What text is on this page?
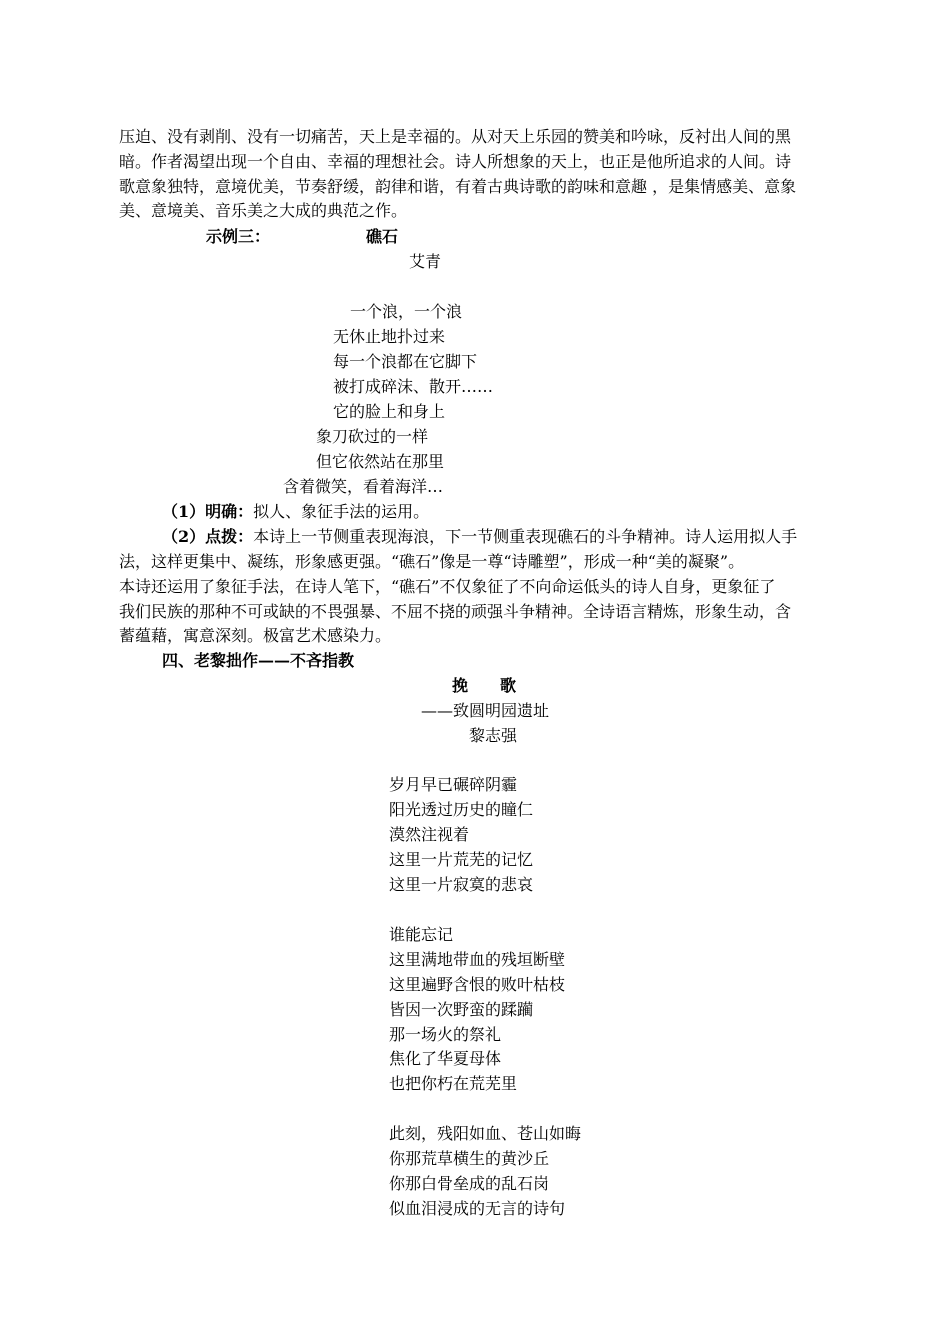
压迫、没有剥削、没有一切痛苦，天上是幸福的。从对天上乐园的赞美和吟咏，反衬出人间的黑
暗。作者渴望出现一个自由、幸福的理想社会。诗人所想象的天上，也正是他所追求的人间。诗
歌意象独特，意境优美，节奏舒缓，韵律和谐，有着古典诗歌的韵味和意趣 ，是集情感美、意象
美、意境美、音乐美之大成的典范之作。
示例三：	礁石
艾青
一个浪，一个浪
无休止地扑过来
每一个浪都在它脚下
被打成碎沫、散开……
它的脸上和身上
象刀砍过的一样
但它依然站在那里
含着微笑，看着海洋…
（1）明确：拟人、象征手法的运用。
（2）点拨：本诗上一节侧重表现海浪，下一节侧重表现礁石的斗争精神。诗人运用拟人手
法，这样更集中、凝练，形象感更强。“礁石”像是一尊“诗雕塑”，形成一种“美的凝聚”。
本诗还运用了象征手法，在诗人笔下，“礁石”不仅象征了不向命运低头的诗人自身，更象征了
我们民族的那种不可或缺的不畏强暴、不屈不挠的顽强斗争精神。全诗语言精炼，形象生动，含
蓄蕴藉，寓意深刻。极富艺术感染力。
四、老黎拙作——不吝指教
挽　　歌
——致圆明园遗址
黎志强
岁月早已碾碎阴霾
阳光透过历史的瞳仁
漠然注视着
这里一片荒芜的记忆
这里一片寂寞的悲哀
谁能忘记
这里满地带血的残垣断壁
这里遍野含恨的败叶枯枝
皆因一次野蛮的蹂躏
那一场火的祭礼
焦化了华夏母体
也把你朽在荒芜里
此刻，残阳如血、苍山如晦
你那荒草横生的黄沙丘
你那白骨垒成的乱石岗
似血泪浸成的无言的诗句
